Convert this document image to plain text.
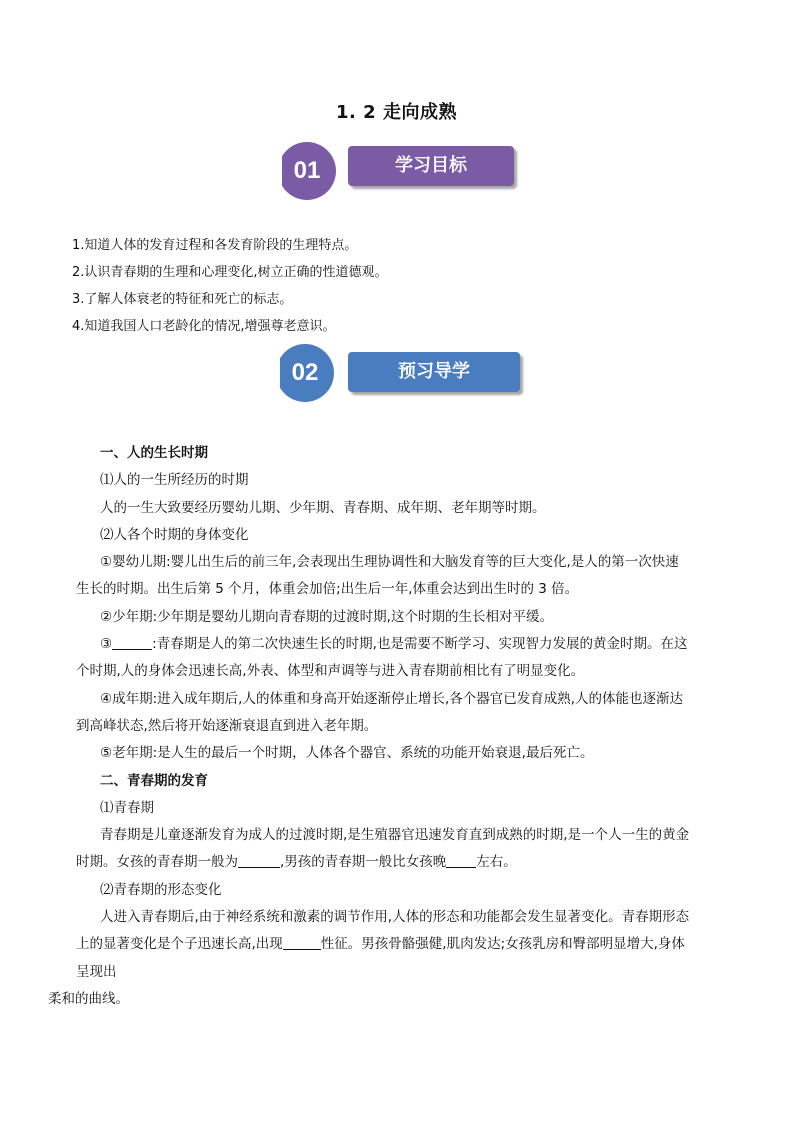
1. 2 走向成熟
学习目标
01
1.知道人体的发育过程和各发育阶段的生理特点。
2.认识青春期的生理和心理变化,树立正确的性道德观。
3.了解人体衰老的特征和死亡的标志。
4.知道我国人口老龄化的情况,增强尊老意识。
预习导学
02
一、人的生长时期
⑴人的一生所经历的时期
人的一生大致要经历婴幼儿期、少年期、青春期、成年期、老年期等时期。
⑵人各个时期的身体变化
①婴幼儿期:婴儿出生后的前三年,会表现出生理协调性和大脑发育等的巨大变化,是人的第一次快速
生长的时期。出生后第 5 个月，体重会加倍;出生后一年,体重会达到出生时的 3 倍。
②少年期:少年期是婴幼儿期向青春期的过渡时期,这个时期的生长相对平缓。
③	:青春期是人的第二次快速生长的时期,也是需要不断学习、实现智力发展的黄金时期。在这
个时期,人的身体会迅速长高,外表、体型和声调等与进入青春期前相比有了明显变化。
④成年期:进入成年期后,人的体重和身高开始逐渐停止增长,各个器官已发育成熟,人的体能也逐渐达
到高峰状态,然后将开始逐渐衰退直到进入老年期。
⑤老年期:是人生的最后一个时期，人体各个器官、系统的功能开始衰退,最后死亡。
二、青春期的发育
⑴青春期
青春期是儿童逐渐发育为成人的过渡时期,是生殖器官迅速发育直到成熟的时期,是一个人一生的黄金
时期。女孩的青春期一般为	,男孩的青春期一般比女孩晚 左右。
⑵青春期的形态变化
人进入青春期后,由于神经系统和激素的调节作用,人体的形态和功能都会发生显著变化。青春期形态
上的显著变化是个子迅速长高,出现	性征。男孩骨骼强健,肌肉发达;女孩乳房和臀部明显增大,身体
呈现出
柔和的曲线。
